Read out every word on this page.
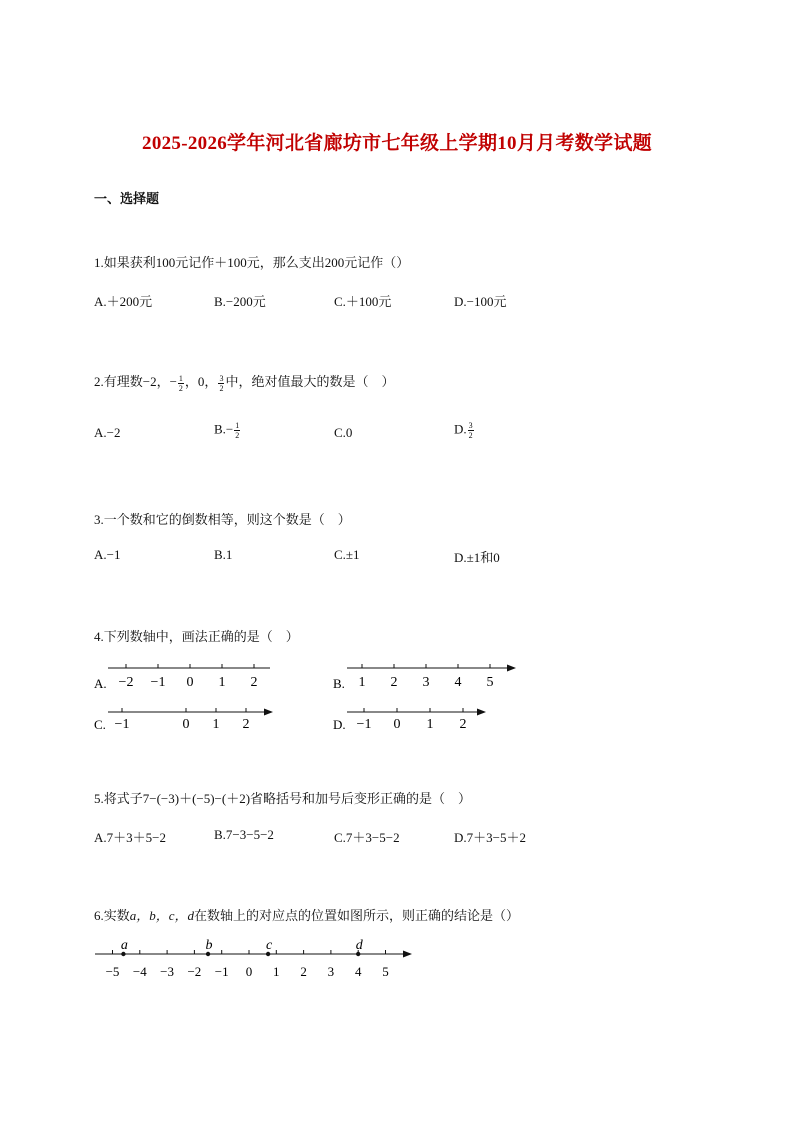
2025-2026学年河北省廊坊市七年级上学期10月月考数学试题
一、选择题
1.如果获利100元记作＋100元，那么支出200元记作（）
A.＋200元	B.−200元	C.＋100元	D.−100元
2.有理数−2，− $\frac{1}{2}$ ，0， $\frac{3}{2}$ 中，绝对值最大的数是（　）
A.−2	$B.- \frac{1}{2}$	C.0	D. $\frac{3}{2}$
3.一个数和它的倒数相等，则这个数是（　）
A.−1	B.1	C.±1	D.±1和0
4.下列数轴中，画法正确的是（　）
A. −2 −1 0 1 2	B. 1 2 3 4 5
C. −1	0 1 2	D. −1 0 1 2
5.将式子7−(−3)＋(−5)−(＋2)省略括号和加号后变形正确的是（　）
A.7＋3＋5−2	B.7−3−5−2	C.7＋3−5−2	D.7＋3−5＋2
6.实数a，b，c，d在数轴上的对应点的位置如图所示，则正确的结论是（）
−5 −4 −3 −2 −1 0 1 2 3 4 5
a	b	c	d
